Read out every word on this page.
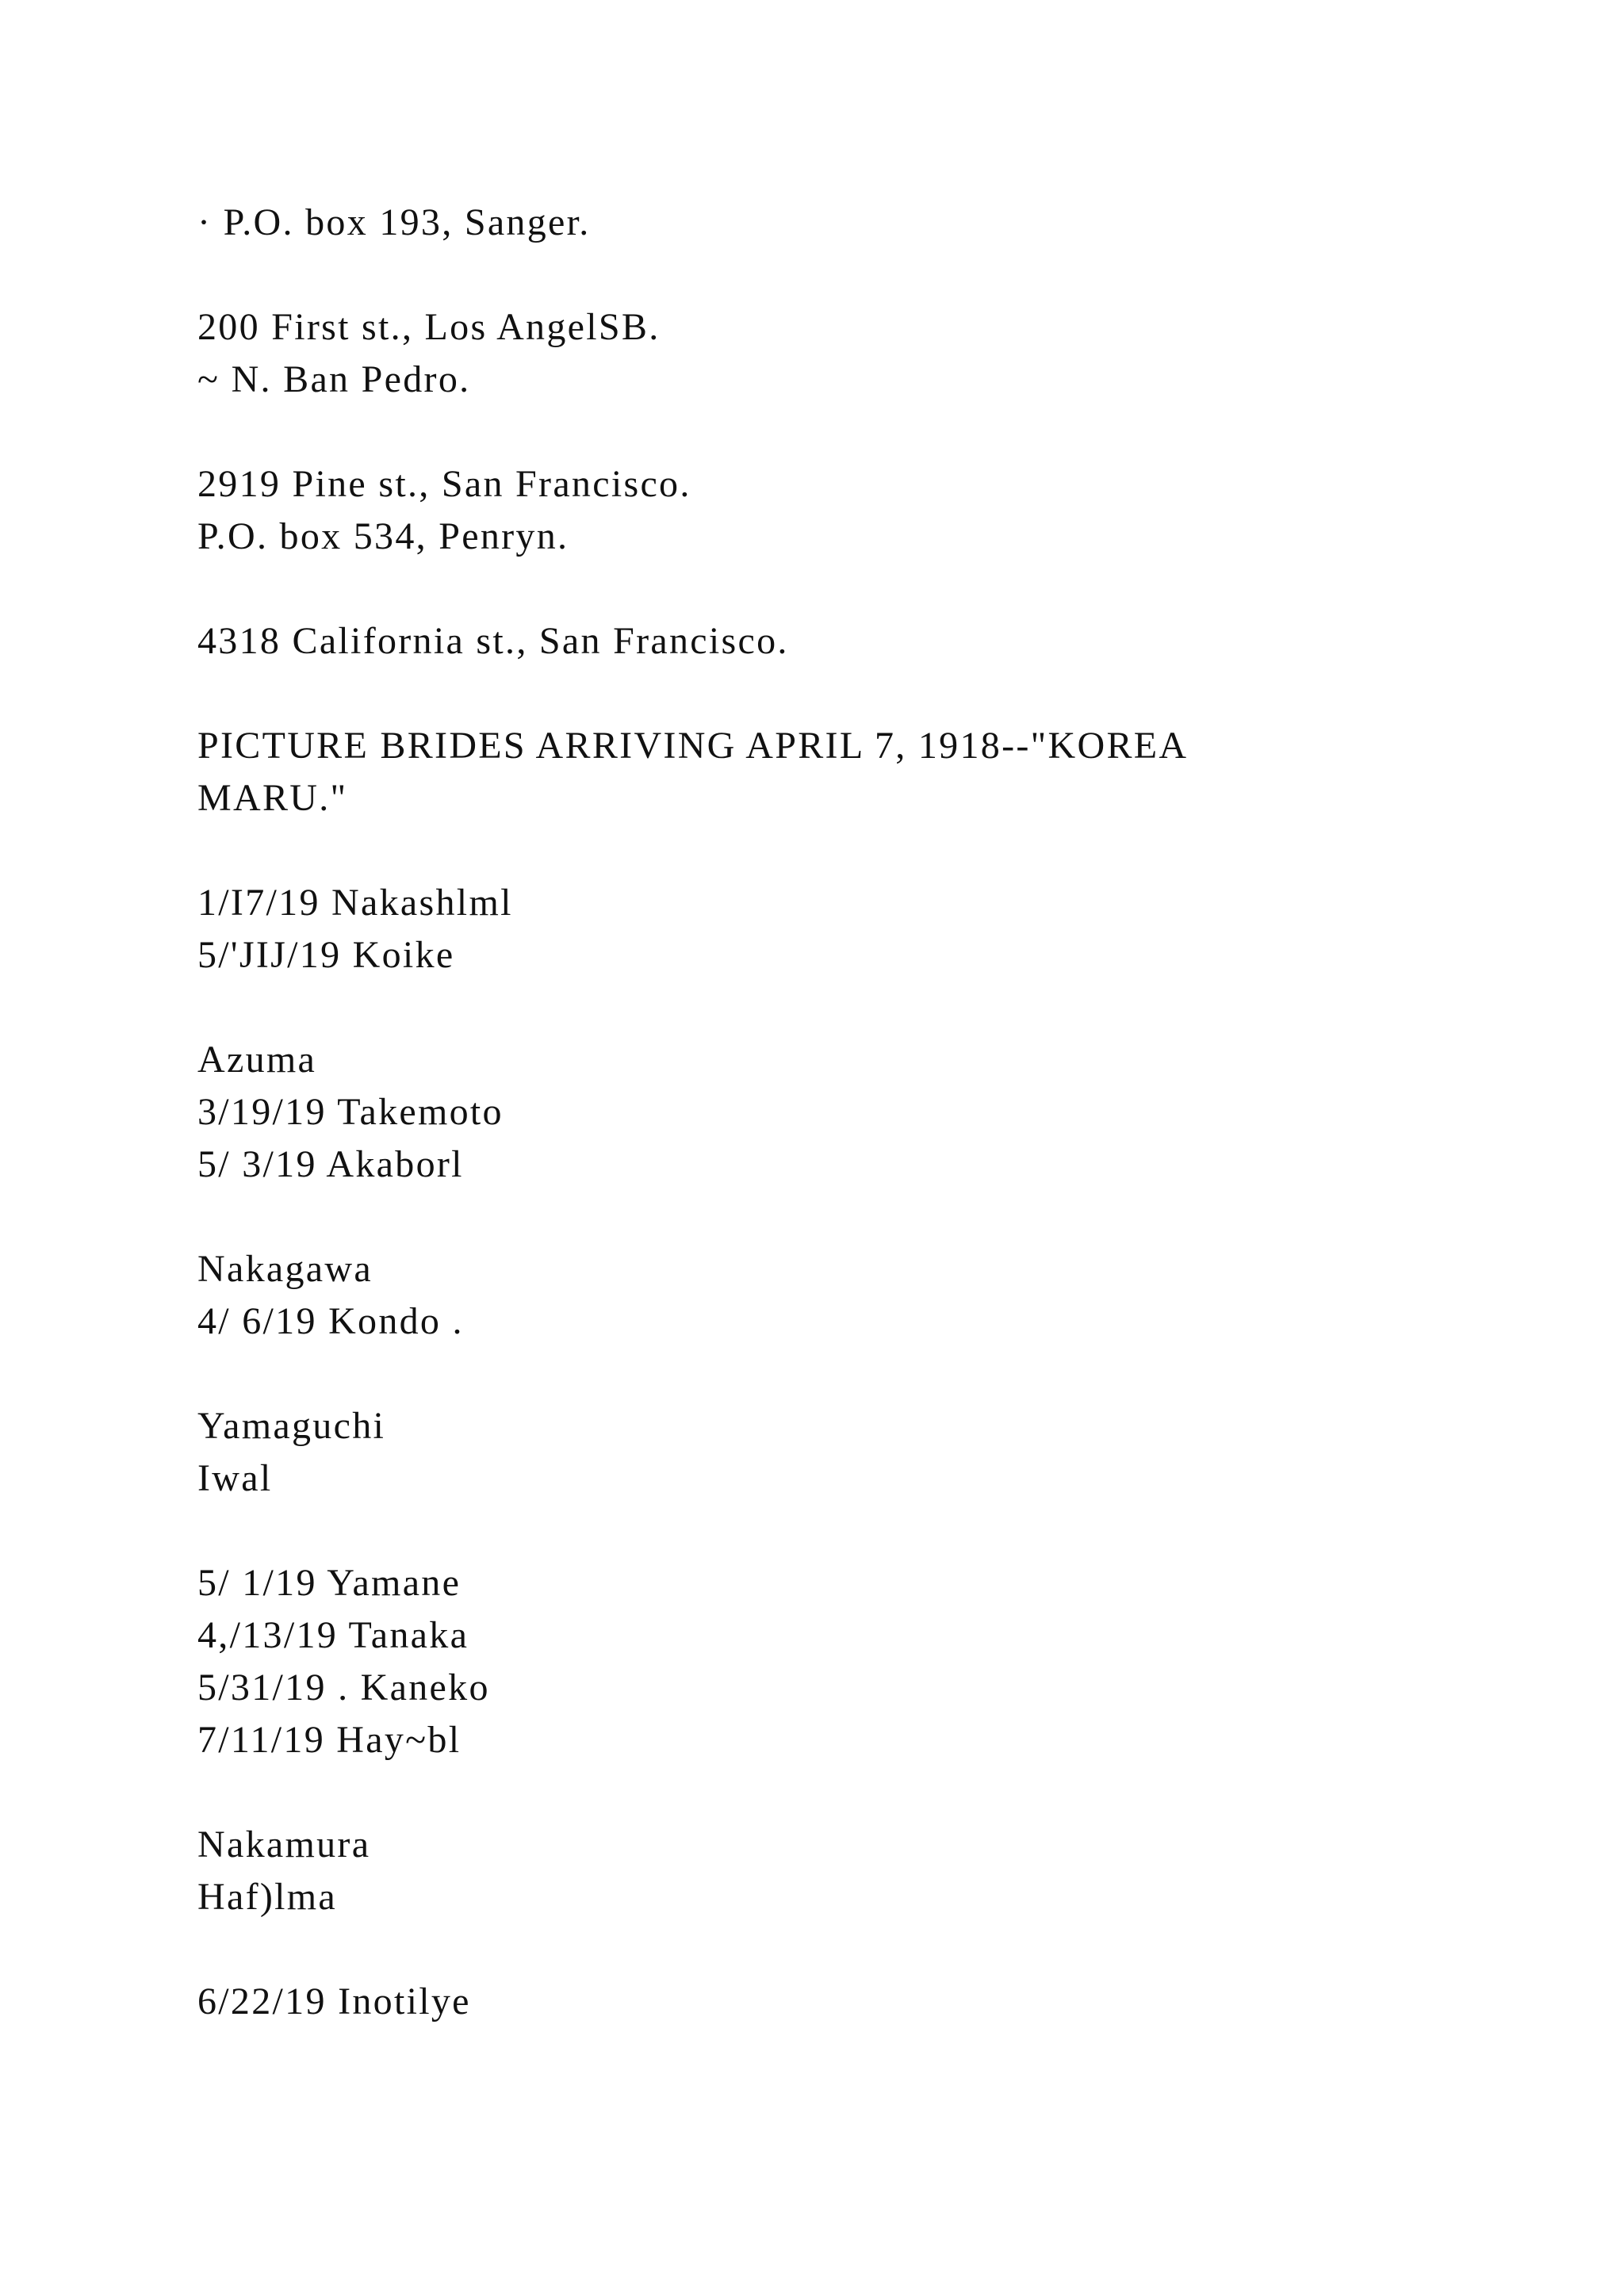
· P.O. box 193, Sanger.
200 First st., Los AngelSB.
~ N. Ban Pedro.
2919 Pine st., San Francisco.
P.O. box 534, Penryn.
4318 California st., San Francisco.
PICTURE BRIDES ARRIVING APRIL 7, 1918--"KOREA
MARU."
1/I7/19 Nakashlml
5/'JIJ/19 Koike
Azuma
3/19/19 Takemoto
5/ 3/19 Akaborl
Nakagawa
4/ 6/19 Kondo .
Yamaguchi
Iwal
5/ 1/19 Yamane
4,/13/19 Tanaka
5/31/19 . Kaneko
7/11/19 Hay~bl
Nakamura
Haf)lma
6/22/19 Inotilye
